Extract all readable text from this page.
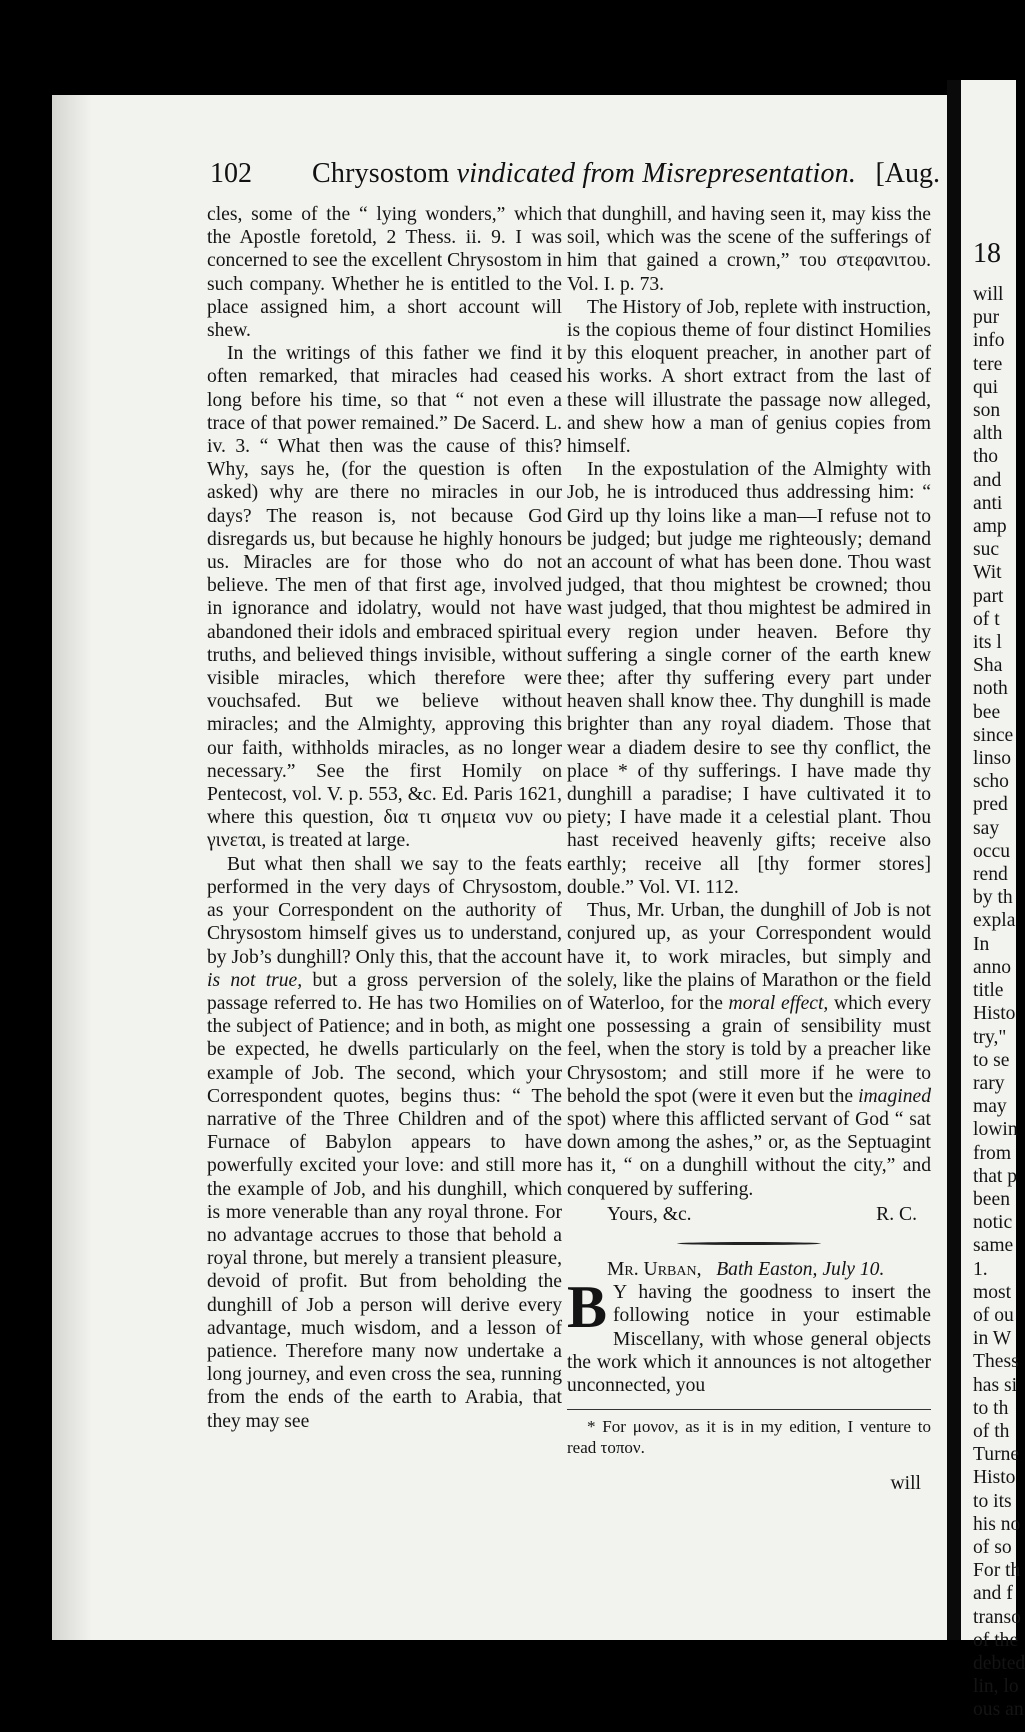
18
will
pur
info
tere
qui
son
alth
tho
and
anti
amp
suc
Wit
part
of t
its l
Sha
noth
bee
since
linso
scho
pred
say
occu
rend
by th
expla
In
anno
title
Histo
try,"
to se
rary
may
lowin
from
that p
been
notic
same
1.
most
of ou
in W
Thess
has si
to th
of th
Turne
Histo
to its
his no
of so
For th
and f
transo
of the
debted
lin, lo
ous an
102 Chrysostom vindicated from Misrepresentation. [Aug.

cles, some of the “ lying wonders,” which the Apostle foretold, 2 Thess. ii. 9. I was concerned to see the excellent Chrysostom in such company. Whether he is entitled to the place assigned him, a short account will shew.

In the writings of this father we find it often remarked, that miracles had ceased long before his time, so that “ not even a trace of that power remained.” De Sacerd. L. iv. 3. “ What then was the cause of this? Why, says he, (for the question is often asked) why are there no miracles in our days? The reason is, not because God disregards us, but because he highly honours us. Miracles are for those who do not believe. The men of that first age, involved in ignorance and idolatry, would not have abandoned their idols and embraced spiritual truths, and believed things invisible, without visible miracles, which therefore were vouchsafed. But we believe without miracles; and the Almighty, approving this our faith, withholds miracles, as no longer necessary.” See the first Homily on Pentecost, vol. V. p. 553, &c. Ed. Paris 1621, where this question, δια τι σημεια νυν ου γινεται, is treated at large.

But what then shall we say to the feats performed in the very days of Chrysostom, as your Correspondent on the authority of Chrysostom himself gives us to understand, by Job’s dunghill? Only this, that the account is not true, but a gross perversion of the passage referred to. He has two Homilies on the subject of Patience; and in both, as might be expected, he dwells particularly on the example of Job. The second, which your Correspondent quotes, begins thus: “ The narrative of the Three Children and of the Furnace of Babylon appears to have powerfully excited your love: and still more the example of Job, and his dunghill, which is more venerable than any royal throne. For no advantage accrues to those that behold a royal throne, but merely a transient pleasure, devoid of profit. But from beholding the dunghill of Job a person will derive every advantage, much wisdom, and a lesson of patience. Therefore many now undertake a long journey, and even cross the sea, running from the ends of the earth to Arabia, that they may see

that dunghill, and having seen it, may kiss the soil, which was the scene of the sufferings of him that gained a crown,” του στεφανιτου. Vol. I. p. 73.

The History of Job, replete with instruction, is the copious theme of four distinct Homilies by this eloquent preacher, in another part of his works. A short extract from the last of these will illustrate the passage now alleged, and shew how a man of genius copies from himself.

In the expostulation of the Almighty with Job, he is introduced thus addressing him: “ Gird up thy loins like a man—I refuse not to be judged; but judge me righteously; demand an account of what has been done. Thou wast judged, that thou mightest be crowned; thou wast judged, that thou mightest be admired in every region under heaven. Before thy suffering a single corner of the earth knew thee; after thy suffering every part under heaven shall know thee. Thy dunghill is made brighter than any royal diadem. Those that wear a diadem desire to see thy conflict, the place * of thy sufferings. I have made thy dunghill a paradise; I have cultivated it to piety; I have made it a celestial plant. Thou hast received heavenly gifts; receive also earthly; receive all [thy former stores] double.” Vol. VI. 112.

Thus, Mr. Urban, the dunghill of Job is not conjured up, as your Correspondent would have it, to work miracles, but simply and solely, like the plains of Marathon or the field of Waterloo, for the moral effect, which every one possessing a grain of sensibility must feel, when the story is told by a preacher like Chrysostom; and still more if he were to behold the spot (were it even but the imagined spot) where this afflicted servant of God “ sat down among the ashes,” or, as the Septuagint has it, “ on a dunghill without the city,” and conquered by suffering.

Yours, &c.	R. C.

Mr. Urban, Bath Easton, July 10.

B Y having the goodness to insert the following notice in your estimable Miscellany, with whose general objects the work which it announces is not altogether unconnected, you

* For μονον, as it is in my edition, I venture to read τοπον.

will
